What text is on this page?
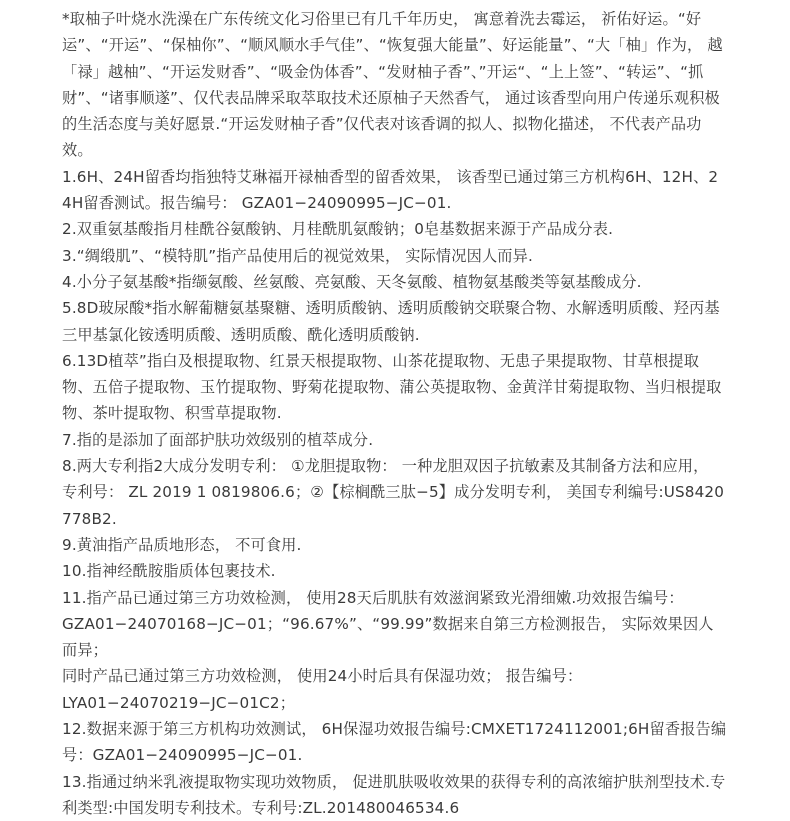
*取柚子叶烧水洗澡在广东传统文化习俗里已有几千年历史， 寓意着洗去霉运， 祈佑好运。“好运”、“开运”、“保柚你”、“顺风顺水手气佳”、“恢复强大能量”、好运能量”、“大「柚」作为， 越「禄」越柚”、“开运发财香”、“吸金伪体香”、“发财柚子香”、”开运“、“上上签”、“转运”、“抓财”、“诸事顺遂”、仅代表品牌采取萃取技术还原柚子天然香气， 通过该香型向用户传递乐观积极的生活态度与美好愿景.“开运发财柚子香”仅代表对该香调的拟人、拟物化描述， 不代表产品功效。

1.6H、24H留香均指独特艾琳福开禄柚香型的留香效果， 该香型已通过第三方机构6H、12H、24H留香测试。报告编号： GZA01−24090995−JC−01.

2.双重氨基酸指月桂酰谷氨酸钠、月桂酰肌氨酸钠；0皂基数据来源于产品成分表.

3.“绸缎肌”、“模特肌”指产品使用后的视觉效果， 实际情况因人而异.

4.小分子氨基酸*指缬氨酸、丝氨酸、亮氨酸、天冬氨酸、植物氨基酸类等氨基酸成分.

5.8D玻尿酸*指水解葡糖氨基聚糖、透明质酸钠、透明质酸钠交联聚合物、水解透明质酸、羟丙基三甲基氯化铵透明质酸、透明质酸、酰化透明质酸钠.

6.13D植萃”指白及根提取物、红景天根提取物、山茶花提取物、无患子果提取物、甘草根提取物、五倍子提取物、玉竹提取物、野菊花提取物、蒲公英提取物、金黄洋甘菊提取物、当归根提取物、茶叶提取物、积雪草提取物.

7.指的是添加了面部护肤功效级别的植萃成分.

8.两大专利指2大成分发明专利： ①龙胆提取物： 一种龙胆双因子抗敏素及其制备方法和应用， 专利号： ZL 2019 1 0819806.6；②【棕榈酰三肽−5】成分发明专利， 美国专利编号:US8420778B2.

9.黄油指产品质地形态， 不可食用.

10.指神经酰胺脂质体包裹技术.

11.指产品已通过第三方功效检测， 使用28天后肌肤有效滋润紧致光滑细嫩.功效报告编号：
GZA01−24070168−JC−01；“96.67%”、“99.99”数据来自第三方检测报告， 实际效果因人而异；
同时产品已通过第三方功效检测， 使用24小时后具有保湿功效； 报告编号：
LYA01−24070219−JC−01C2；

12.数据来源于第三方机构功效测试， 6H保湿功效报告编号:CMXET1724112001;6H留香报告编号：GZA01−24090995−JC−01.

13.指通过纳米乳液提取物实现功效物质， 促进肌肤吸收效果的获得专利的高浓缩护肤剂型技术.专利类型:中国发明专利技术。专利号:ZL.201480046534.6
